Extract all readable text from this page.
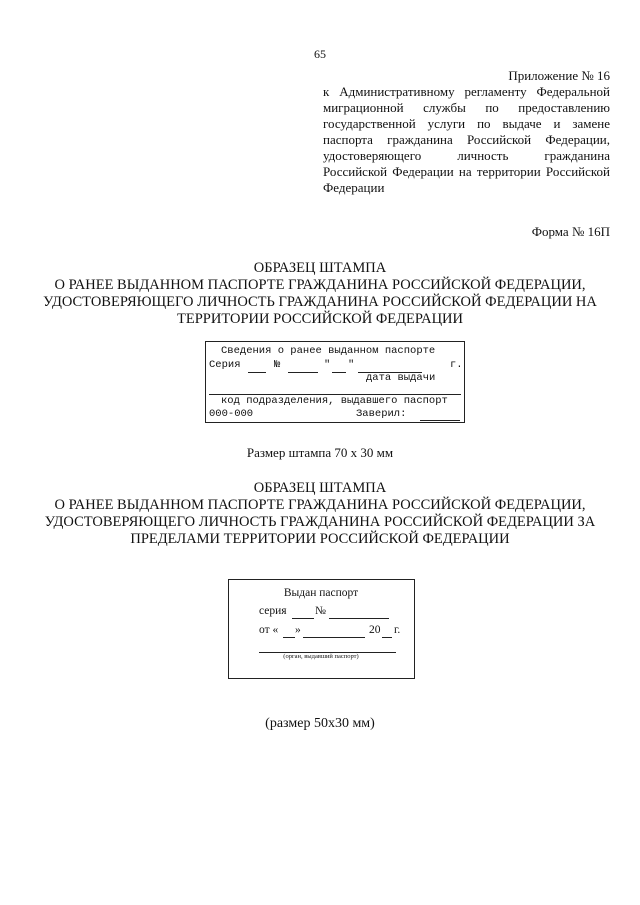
65
Приложение № 16
к Административному регламенту Федеральной миграционной службы по предоставлению государственной услуги по выдаче и замене паспорта гражданина Российской Федерации, удостоверяющего личность гражданина Российской Федерации на территории Российской Федерации
Форма № 16П
ОБРАЗЕЦ ШТАМПА
О РАНЕЕ ВЫДАННОМ ПАСПОРТЕ ГРАЖДАНИНА РОССИЙСКОЙ ФЕДЕРАЦИИ,
УДОСТОВЕРЯЮЩЕГО ЛИЧНОСТЬ ГРАЖДАНИНА РОССИЙСКОЙ ФЕДЕРАЦИИ НА
ТЕРРИТОРИИ РОССИЙСКОЙ ФЕДЕРАЦИИ
Сведения о ранее выданном паспорте
Серия	№	" "	г.
дата выдачи
код подразделения, выдавшего паспорт
000-000	Заверил:
Размер штампа 70 х 30 мм
ОБРАЗЕЦ ШТАМПА
О РАНЕЕ ВЫДАННОМ ПАСПОРТЕ ГРАЖДАНИНА РОССИЙСКОЙ ФЕДЕРАЦИИ,
УДОСТОВЕРЯЮЩЕГО ЛИЧНОСТЬ ГРАЖДАНИНА РОССИЙСКОЙ ФЕДЕРАЦИИ ЗА
ПРЕДЕЛАМИ ТЕРРИТОРИИ РОССИЙСКОЙ ФЕДЕРАЦИИ
Выдан паспорт
серия №
от « »	20 г.
(орган, выдавший паспорт)
(размер 50х30 мм)
